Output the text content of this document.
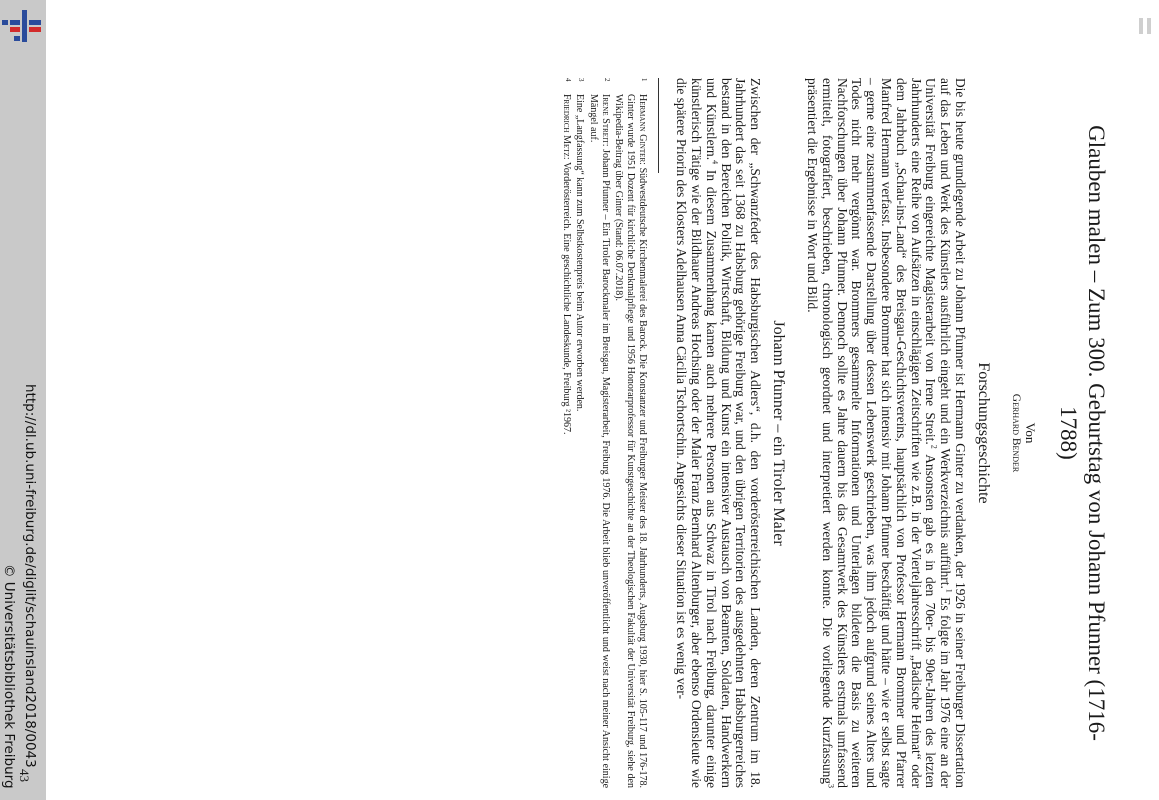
http://dl.ub.uni-freiburg.de/diglit/schauinsland2018/0043
© Universitätsbibliothek Freiburg	Glauben malen – Zum 300. Geburtstag von Johann Pfunner (1716-1788)
Von
Gerhard Bender
Forschungsgeschichte

Die bis heute grundlegende Arbeit zu Johann Pfunner ist Hermann Ginter zu verdanken, der 1926 in seiner Freiburger Dissertation auf das Leben und Werk des Künstlers ausführlich eingeht und ein Werkverzeichnis aufführt.$^1$ Es folgte im Jahr 1976 eine an der Universität Freiburg eingereichte Magisterarbeit von Irene Streit.$^2$ Ansonsten gab es in den 70er- bis 90er-Jahren des letzten Jahrhunderts eine Reihe von Aufsätzen in einschlägigen Zeitschriften wie z.B. in der Vierteljahresschrift „Badische Heimat“ oder dem Jahrbuch „Schau-ins-Land“ des Breisgau-Geschichtsvereins, hauptsächlich von Professor Hermann Brommer und Pfarrer Manfred Hermann verfasst. Insbesondere Brommer hat sich intensiv mit Johann Pfunner beschäftigt und hätte – wie er selbst sagte – gerne eine zusammenfassende Darstellung über dessen Lebenswerk geschrieben, was ihm jedoch aufgrund seines Alters und Todes nicht mehr vergönnt war. Brommers gesammelte Informationen und Unterlagen bildeten die Basis zu weiteren Nachforschungen über Johann Pfunner. Dennoch sollte es Jahre dauern bis das Gesamtwerk des Künstlers erstmals umfassend ermittelt, fotografiert, beschrieben, chronologisch geordnet und interpretiert werden konnte. Die vorliegende Kurzfassung$^3$ präsentiert die Ergebnisse in Wort und Bild.

Johann Pfunner – ein Tiroler Maler

Zwischen der „Schwanzfeder des Habsburgischen Adlers“, d.h. den vorderösterreichischen Landen, deren Zentrum im 18. Jahrhundert das seit 1368 zu Habsburg gehörige Freiburg war, und den übrigen Territorien des ausgedehnten Habsburgerreiches bestand in den Bereichen Politik, Wirtschaft, Bildung und Kunst ein intensiver Austausch von Beamten, Soldaten, Handwerkern und Künstlern.$^4$ In diesem Zusammenhang kamen auch mehrere Personen aus Schwaz in Tirol nach Freiburg, darunter einige künstlerisch Tätige wie der Bildhauer Andreas Hochsing oder der Maler Franz Bernhard Altenburger, aber ebenso Ordensleute wie die spätere Priorin des Klosters Adelhausen Anna Cäcilia Tschortschin. Angesichts dieser Situation ist es wenig ver-

1
Hermann Ginter: Südwestdeutsche Kirchenmalerei des Barock. Die Konstanzer und Freiburger Meister des 18. Jahrhunderts, Augsburg 1930, hier S. 105-117 und 176-178. Ginter wurde 1951 Dozent für kirchliche Denkmalpflege und 1956 Honorarprofessor für Kunstgeschichte an der Theologischen Fakultät der Universität Freiburg, siehe den Wikipedia-Beitrag über Ginter (Stand: 06.07.2018).

2
Irene Streit: Johann Pfunner – Ein Tiroler Barockmaler im Breisgau, Magisterarbeit, Freiburg 1976. Die Arbeit blieb unveröffentlicht und weist nach meiner Ansicht einige Mängel auf.

3
Eine „Langfassung“ kann zum Selbstkostenpreis beim Autor erworben werden.

4
Friedrich Metz: Vorderösterreich. Eine geschichtliche Landeskunde, Freiburg ²1967.

43
